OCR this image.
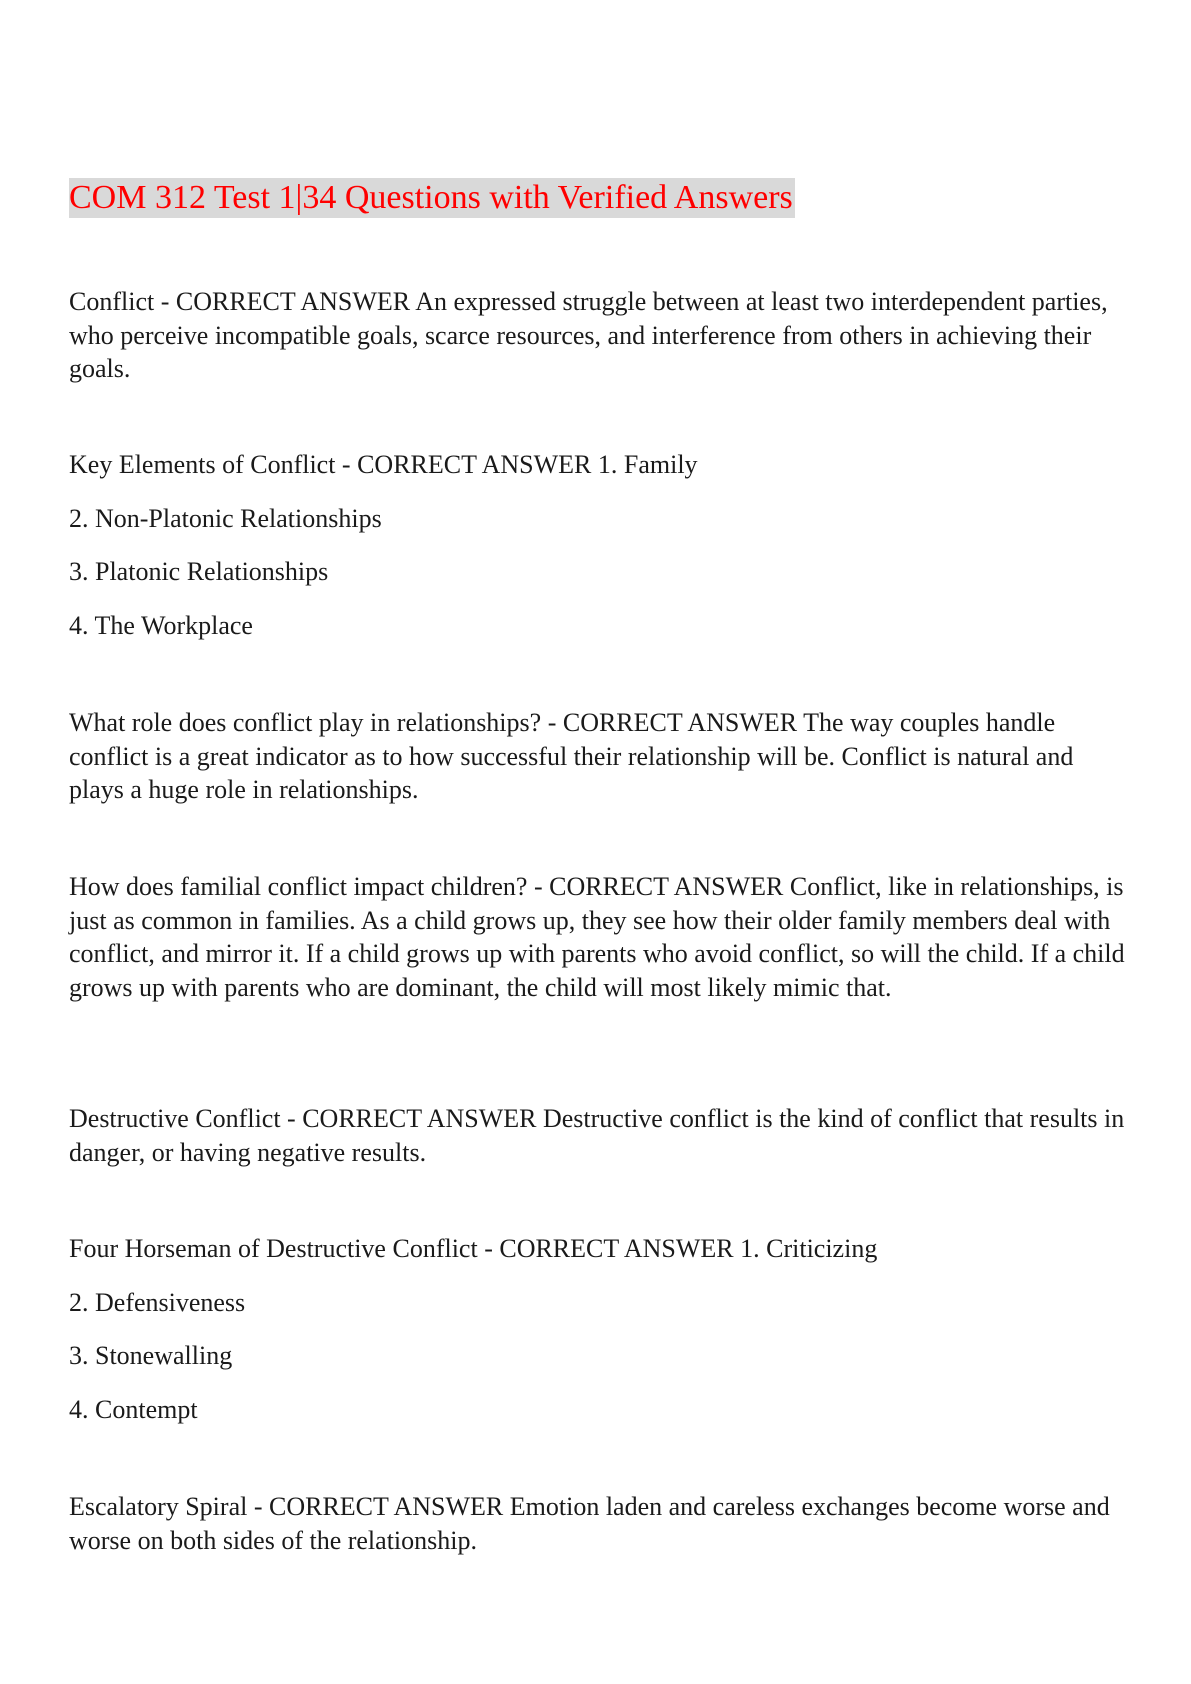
COM 312 Test 1|34 Questions with Verified Answers

Conflict - CORRECT ANSWER An expressed struggle between at least two interdependent parties, who perceive incompatible goals, scarce resources, and interference from others in achieving their goals.

Key Elements of Conflict - CORRECT ANSWER 1. Family

2. Non-Platonic Relationships

3. Platonic Relationships

4. The Workplace

What role does conflict play in relationships? - CORRECT ANSWER The way couples handle conflict is a great indicator as to how successful their relationship will be. Conflict is natural and plays a huge role in relationships.

How does familial conflict impact children? - CORRECT ANSWER Conflict, like in relationships, is just as common in families. As a child grows up, they see how their older family members deal with conflict, and mirror it. If a child grows up with parents who avoid conflict, so will the child. If a child grows up with parents who are dominant, the child will most likely mimic that.

Destructive Conflict - CORRECT ANSWER Destructive conflict is the kind of conflict that results in danger, or having negative results.

Four Horseman of Destructive Conflict - CORRECT ANSWER 1. Criticizing

2. Defensiveness

3. Stonewalling

4. Contempt

Escalatory Spiral - CORRECT ANSWER Emotion laden and careless exchanges become worse and worse on both sides of the relationship.
